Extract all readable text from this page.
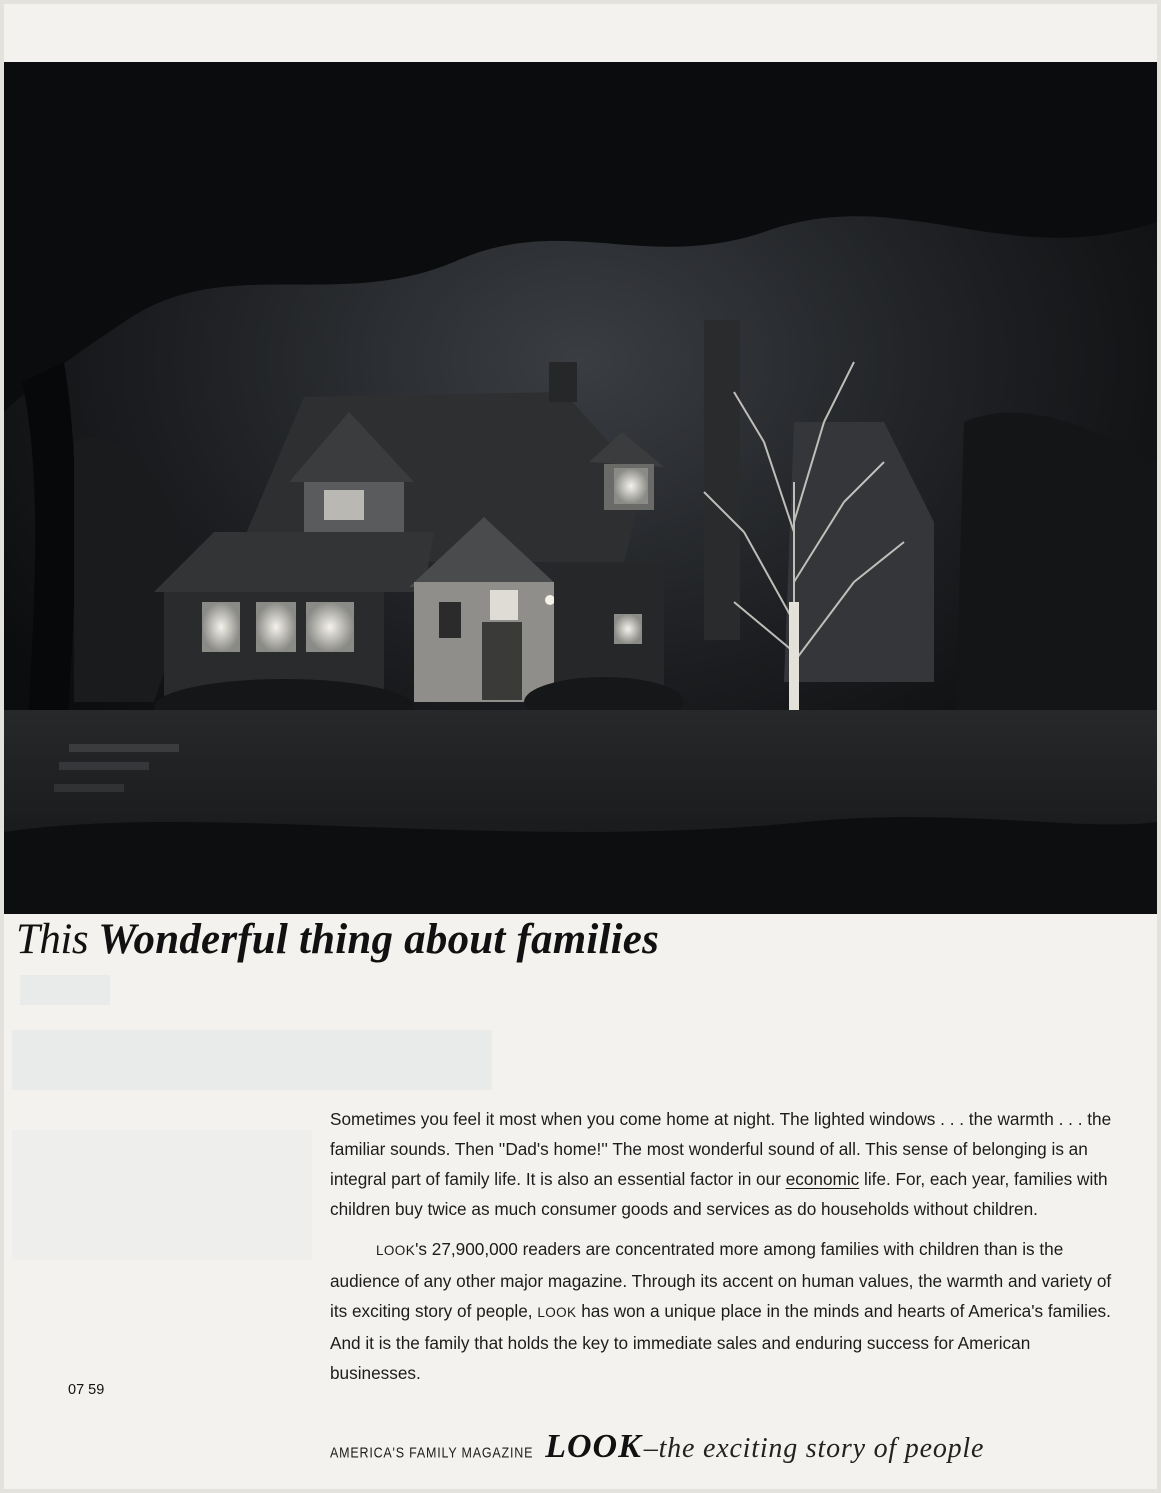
This Wonderful thing about families

Sometimes you feel it most when you come home at night. The lighted windows . . . the warmth . . . the familiar sounds. Then ''Dad's home!'' The most wonderful sound of all. This sense of belonging is an integral part of family life. It is also an essential factor in our economic life. For, each year, families with children buy twice as much consumer goods and services as do households without children.

LOOK's 27,900,000 readers are concentrated more among families with children than is the audience of any other major magazine. Through its accent on human values, the warmth and variety of its exciting story of people, LOOK has won a unique place in the minds and hearts of America's families. And it is the family that holds the key to immediate sales and enduring success for American businesses.

07 59
AMERICA'S FAMILY MAGAZINE LOOK –the exciting story of people
